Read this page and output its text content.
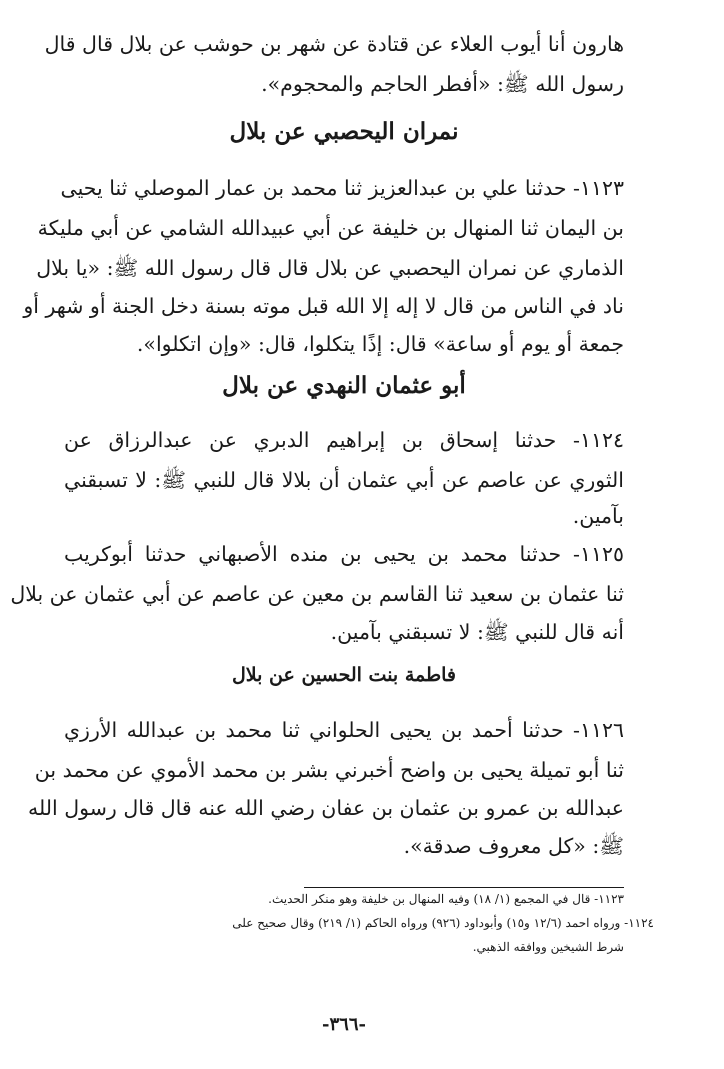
هارون أنا أيوب العلاء عن قتادة عن شهر بن حوشب عن بلال قال قال
رسول الله ﷺ: «أفطر الحاجم والمحجوم».
نمران اليحصبي عن بلال
١١٢٣- حدثنا علي بن عبدالعزيز ثنا محمد بن عمار الموصلي ثنا يحيى
بن اليمان ثنا المنهال بن خليفة عن أبي عبيدالله الشامي عن أبي مليكة
الذماري عن نمران اليحصبي عن بلال قال قال رسول الله ﷺ: «يا بلال
ناد في الناس من قال لا إله إلا الله قبل موته بسنة دخل الجنة أو شهر أو
جمعة أو يوم أو ساعة» قال: إذًا يتكلوا، قال: «وإن اتكلوا».
أبو عثمان النهدي عن بلال
١١٢٤- حدثنا إسحاق بن إبراهيم الدبري عن عبدالرزاق عن
الثوري عن عاصم عن أبي عثمان أن بلالا قال للنبي ﷺ: لا تسبقني
بآمين.
١١٢٥- حدثنا محمد بن يحيى بن منده الأصبهاني حدثنا أبوكريب
ثنا عثمان بن سعيد ثنا القاسم بن معين عن عاصم عن أبي عثمان عن بلال
أنه قال للنبي ﷺ: لا تسبقني بآمين.
فاطمة بنت الحسين عن بلال
١١٢٦- حدثنا أحمد بن يحيى الحلواني ثنا محمد بن عبدالله الأرزي
ثنا أبو تميلة يحيى بن واضح أخبرني بشر بن محمد الأموي عن محمد بن
عبدالله بن عمرو بن عثمان بن عفان رضي الله عنه قال قال رسول الله
ﷺ: «كل معروف صدقة».
١١٢٣- قال في المجمع (١/ ١٨) وفيه المنهال بن خليفة وهو منكر الحديث.
١١٢٤- ورواه احمد (١٢/٦ و١٥) وأبوداود (٩٢٦) ورواه الحاكم (١/ ٢١٩) وقال صحيح على
شرط الشيخين ووافقه الذهبي.
-٣٦٦-
